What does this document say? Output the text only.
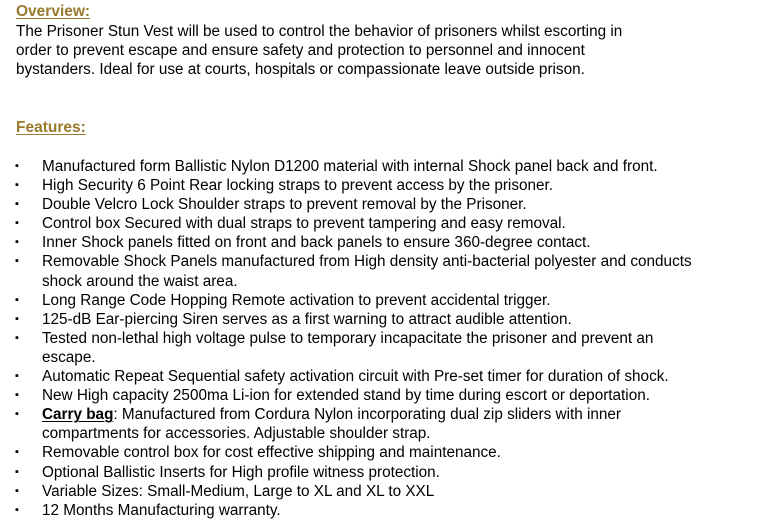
Overview:

The Prisoner Stun Vest will be used to control the behavior of prisoners whilst escorting in
order to prevent escape and ensure safety and protection to personnel and innocent
bystanders. Ideal for use at courts, hospitals or compassionate leave outside prison.

Features:
▪ Manufactured form Ballistic Nylon D1200 material with internal Shock panel back and front.
▪ High Security 6 Point Rear locking straps to prevent access by the prisoner.
▪ Double Velcro Lock Shoulder straps to prevent removal by the Prisoner.
▪ Control box Secured with dual straps to prevent tampering and easy removal.
▪ Inner Shock panels fitted on front and back panels to ensure 360-degree contact.
▪ Removable Shock Panels manufactured from High density anti-bacterial polyester and conducts
shock around the waist area.
▪ Long Range Code Hopping Remote activation to prevent accidental trigger.
▪ 125-dB Ear-piercing Siren serves as a first warning to attract audible attention.
▪ Tested non-lethal high voltage pulse to temporary incapacitate the prisoner and prevent an
escape.
▪ Automatic Repeat Sequential safety activation circuit with Pre-set timer for duration of shock.
▪ New High capacity 2500ma Li-ion for extended stand by time during escort or deportation.
▪ Carry bag: Manufactured from Cordura Nylon incorporating dual zip sliders with inner
compartments for accessories. Adjustable shoulder strap.
▪ Removable control box for cost effective shipping and maintenance.
▪ Optional Ballistic Inserts for High profile witness protection.
▪ Variable Sizes: Small-Medium, Large to XL and XL to XXL
▪ 12 Months Manufacturing warranty.
